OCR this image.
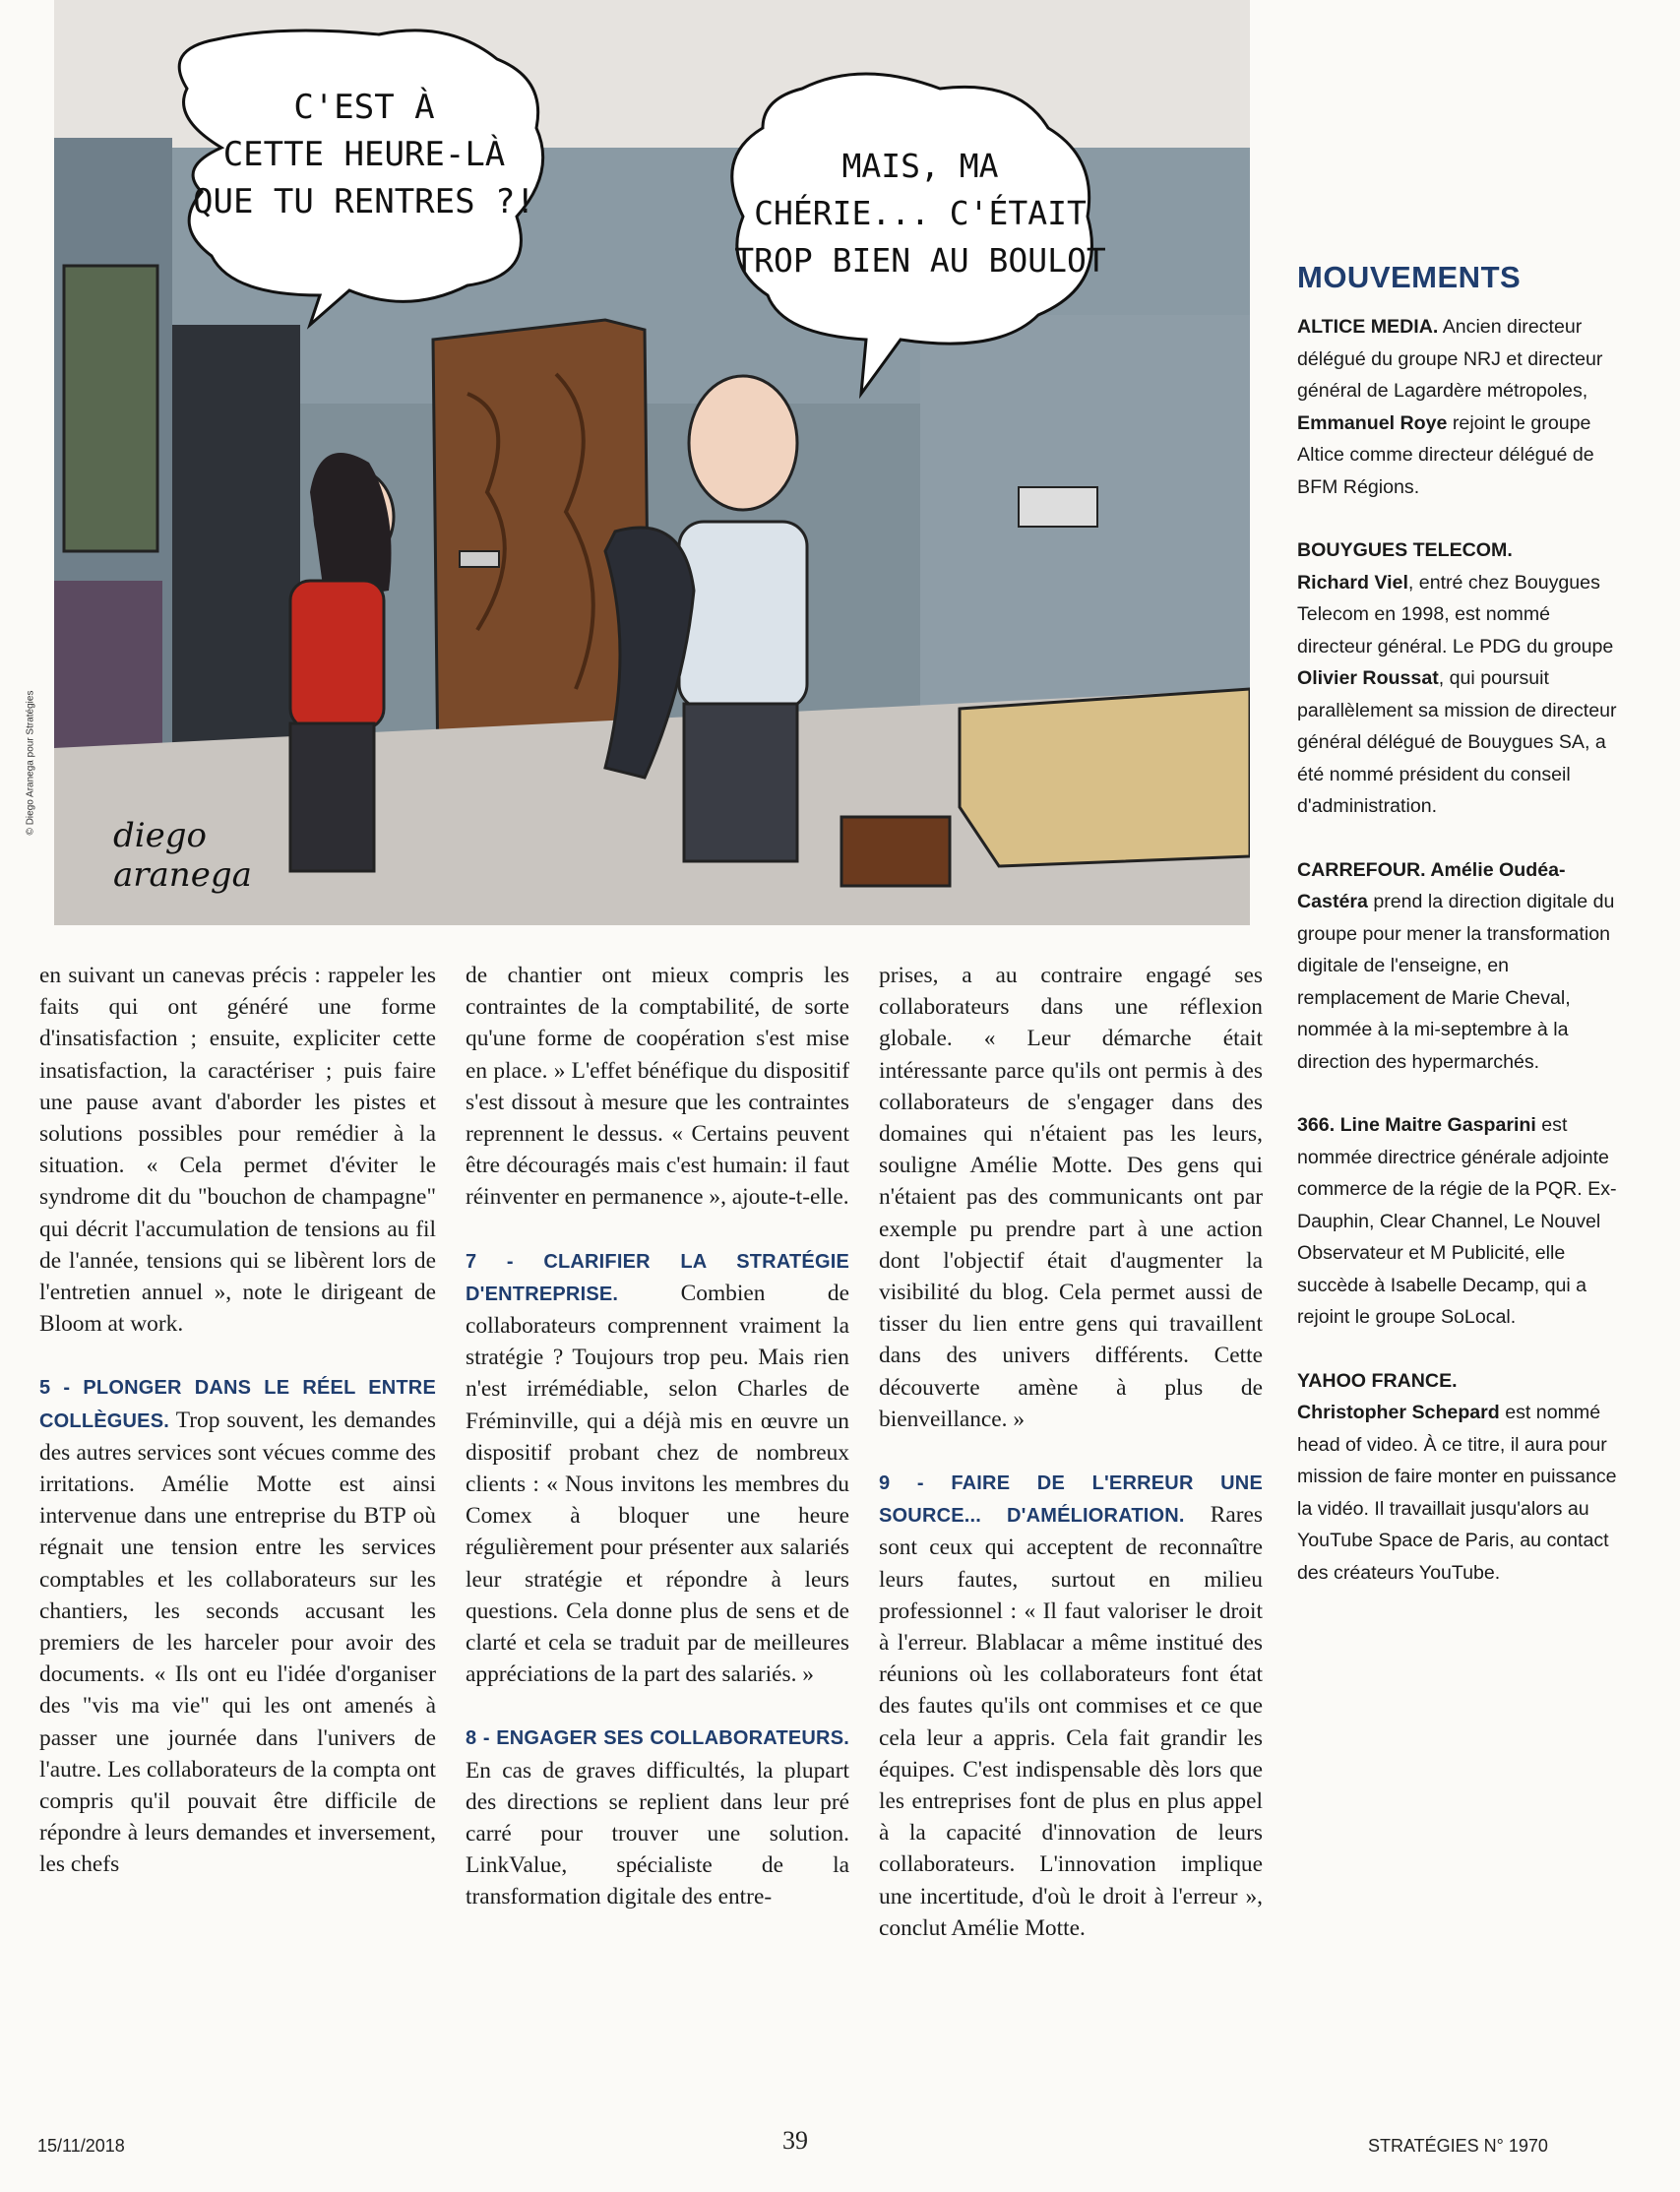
C'EST À
CETTE HEURE-LÀ
QUE TU RENTRES ?!
MAIS, MA
CHÉRIE... C'ÉTAIT
TROP BIEN AU BOULOT
diego
aranega
© Diego Aranega pour Stratégies

en suivant un canevas précis : rappeler les faits qui ont généré une forme d'insatisfaction ; ensuite, expliciter cette insatisfaction, la caractériser ; puis faire une pause avant d'aborder les pistes et solutions possibles pour remédier à la situation. « Cela permet d'éviter le syndrome dit du "bouchon de champagne" qui décrit l'accumulation de tensions au fil de l'année, tensions qui se libèrent lors de l'entretien annuel », note le dirigeant de Bloom at work.

5 - PLONGER DANS LE RÉEL ENTRE COLLÈGUES. Trop souvent, les demandes des autres services sont vécues comme des irritations. Amélie Motte est ainsi intervenue dans une entreprise du BTP où régnait une tension entre les services comptables et les collaborateurs sur les chantiers, les seconds accusant les premiers de les harceler pour avoir des documents. « Ils ont eu l'idée d'organiser des "vis ma vie" qui les ont amenés à passer une journée dans l'univers de l'autre. Les collaborateurs de la compta ont compris qu'il pouvait être difficile de répondre à leurs demandes et inversement, les chefs

de chantier ont mieux compris les contraintes de la comptabilité, de sorte qu'une forme de coopération s'est mise en place. » L'effet bénéfique du dispositif s'est dissout à mesure que les contraintes reprennent le dessus. « Certains peuvent être découragés mais c'est humain: il faut réinventer en permanence », ajoute-t-elle.

7 - CLARIFIER LA STRATÉGIE D'ENTREPRISE. Combien de collaborateurs comprennent vraiment la stratégie ? Toujours trop peu. Mais rien n'est irrémédiable, selon Charles de Fréminville, qui a déjà mis en œuvre un dispositif probant chez de nombreux clients : « Nous invitons les membres du Comex à bloquer une heure régulièrement pour présenter aux salariés leur stratégie et répondre à leurs questions. Cela donne plus de sens et de clarté et cela se traduit par de meilleures appréciations de la part des salariés. »

8 - ENGAGER SES COLLABORATEURS. En cas de graves difficultés, la plupart des directions se replient dans leur pré carré pour trouver une solution. LinkValue, spécialiste de la transformation digitale des entre-

prises, a au contraire engagé ses collaborateurs dans une réflexion globale. « Leur démarche était intéressante parce qu'ils ont permis à des collaborateurs de s'engager dans des domaines qui n'étaient pas les leurs, souligne Amélie Motte. Des gens qui n'étaient pas des communicants ont par exemple pu prendre part à une action dont l'objectif était d'augmenter la visibilité du blog. Cela permet aussi de tisser du lien entre gens qui travaillent dans des univers différents. Cette découverte amène à plus de bienveillance. »

9 - FAIRE DE L'ERREUR UNE SOURCE... D'AMÉLIORATION. Rares sont ceux qui acceptent de reconnaître leurs fautes, surtout en milieu professionnel : « Il faut valoriser le droit à l'erreur. Blablacar a même institué des réunions où les collaborateurs font état des fautes qu'ils ont commises et ce que cela leur a appris. Cela fait grandir les équipes. C'est indispensable dès lors que les entreprises font de plus en plus appel à la capacité d'innovation de leurs collaborateurs. L'innovation implique une incertitude, d'où le droit à l'erreur », conclut Amélie Motte.

MOUVEMENTS

ALTICE MEDIA. Ancien directeur délégué du groupe NRJ et directeur général de Lagardère métropoles, Emmanuel Roye rejoint le groupe Altice comme directeur délégué de BFM Régions.

BOUYGUES TELECOM.
Richard Viel, entré chez Bouygues Telecom en 1998, est nommé directeur général. Le PDG du groupe Olivier Roussat, qui poursuit parallèlement sa mission de directeur général délégué de Bouygues SA, a été nommé président du conseil d'administration.

CARREFOUR. Amélie Oudéa-Castéra prend la direction digitale du groupe pour mener la transformation digitale de l'enseigne, en remplacement de Marie Cheval, nommée à la mi-septembre à la direction des hypermarchés.

366. Line Maitre Gasparini est nommée directrice générale adjointe commerce de la régie de la PQR. Ex- Dauphin, Clear Channel, Le Nouvel Observateur et M Publicité, elle succède à Isabelle Decamp, qui a rejoint le groupe SoLocal.

YAHOO FRANCE.
Christopher Schepard est nommé head of video. À ce titre, il aura pour mission de faire monter en puissance la vidéo. Il travaillait jusqu'alors au YouTube Space de Paris, au contact des créateurs YouTube.

15/11/2018	39	STRATÉGIES N° 1970
